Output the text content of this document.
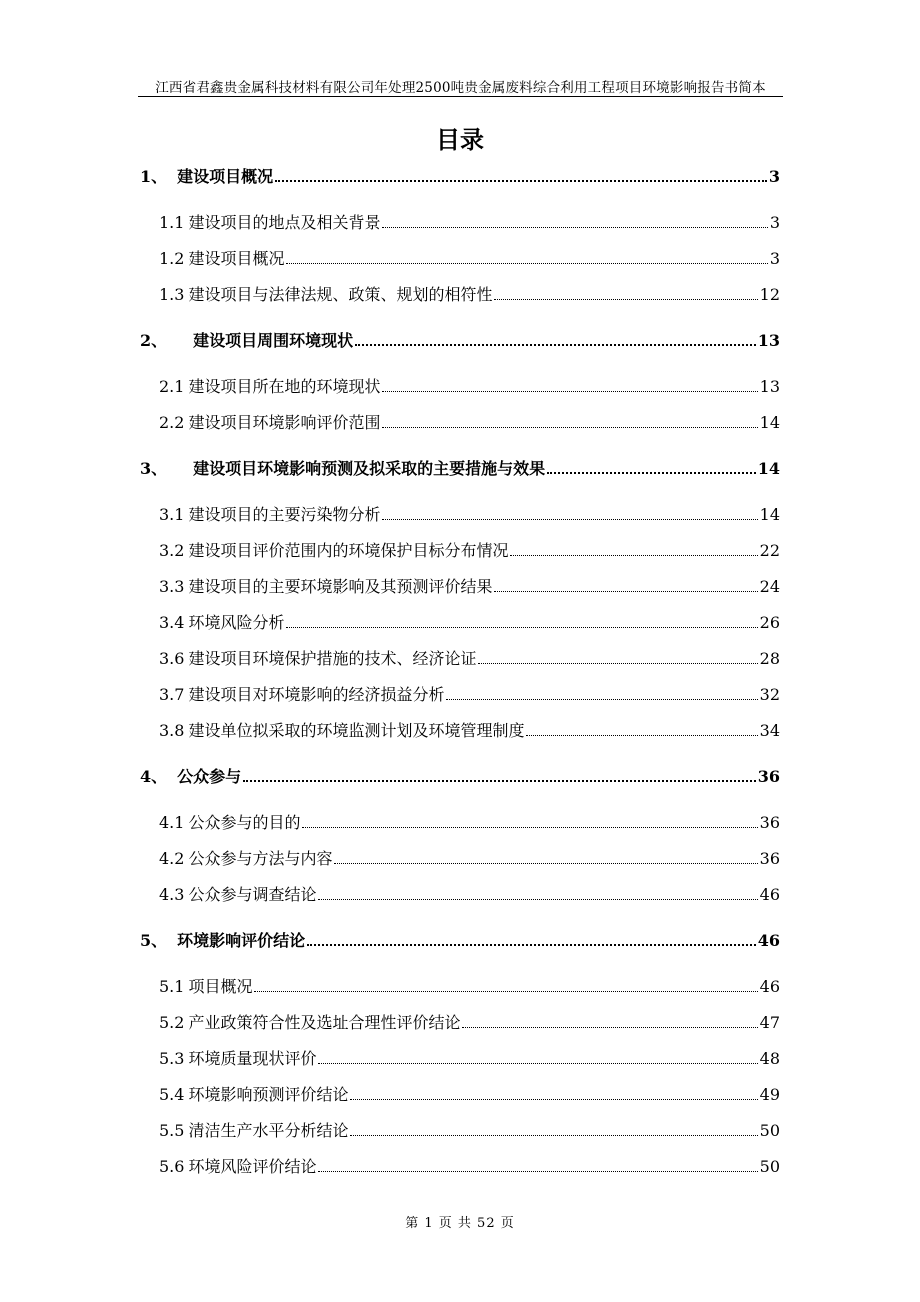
江西省君鑫贵金属科技材料有限公司年处理2500吨贵金属废料综合利用工程项目环境影响报告书简本
目录
1、 建设项目概况	3
1.1 建设项目的地点及相关背景	3
1.2 建设项目概况	3
1.3 建设项目与法律法规、政策、规划的相符性	12
2、 建设项目周围环境现状	13
2.1 建设项目所在地的环境现状	13
2.2 建设项目环境影响评价范围	14
3、 建设项目环境影响预测及拟采取的主要措施与效果	14
3.1 建设项目的主要污染物分析	14
3.2 建设项目评价范围内的环境保护目标分布情况	22
3.3 建设项目的主要环境影响及其预测评价结果	24
3.4 环境风险分析	26
3.6 建设项目环境保护措施的技术、经济论证	28
3.7 建设项目对环境影响的经济损益分析	32
3.8 建设单位拟采取的环境监测计划及环境管理制度	34
4、 公众参与	36
4.1 公众参与的目的	36
4.2 公众参与方法与内容	36
4.3 公众参与调查结论	46
5、 环境影响评价结论	46
5.1 项目概况	46
5.2 产业政策符合性及选址合理性评价结论	47
5.3 环境质量现状评价	48
5.4 环境影响预测评价结论	49
5.5 清洁生产水平分析结论	50
5.6 环境风险评价结论	50
第 1 页 共 52 页
